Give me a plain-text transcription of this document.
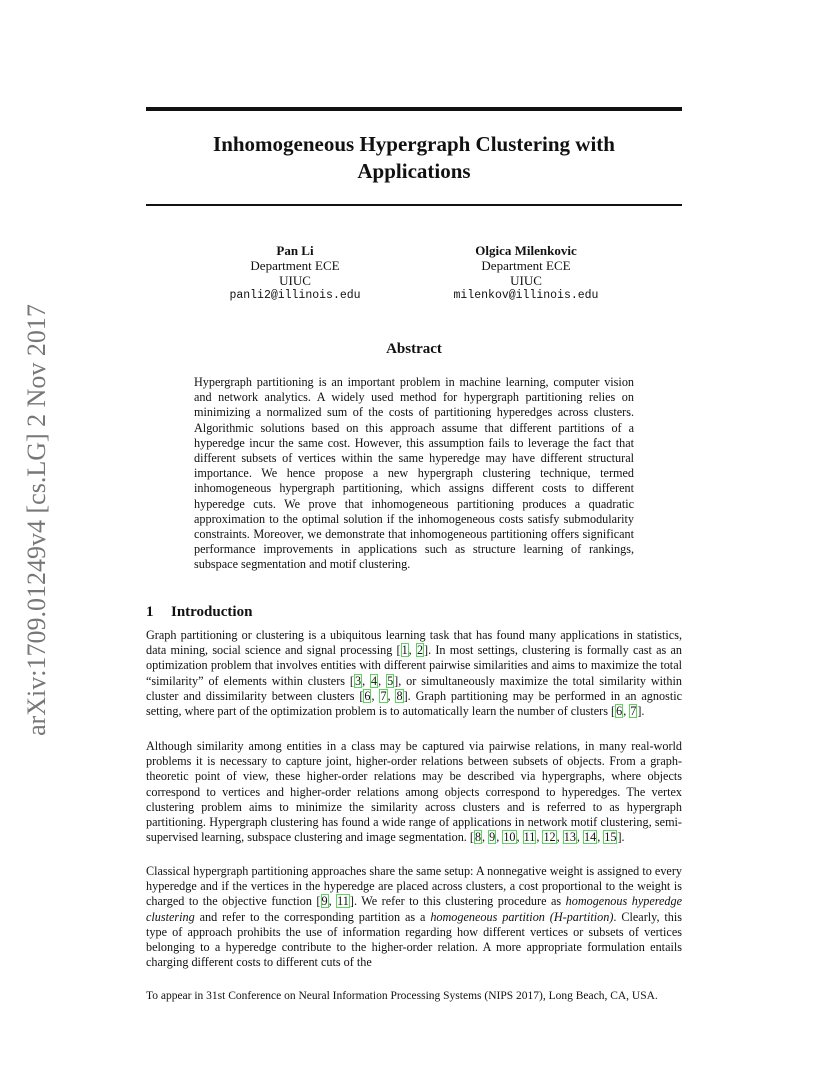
arXiv:1709.01249v4 [cs.LG] 2 Nov 2017
Inhomogeneous Hypergraph Clustering with
Applications
Pan Li
Department ECE
UIUC
panli2@illinois.edu
Olgica Milenkovic
Department ECE
UIUC
milenkov@illinois.edu
Abstract
Hypergraph partitioning is an important problem in machine learning, computer vision and network analytics. A widely used method for hypergraph partitioning relies on minimizing a normalized sum of the costs of partitioning hyperedges across clusters. Algorithmic solutions based on this approach assume that different partitions of a hyperedge incur the same cost. However, this assumption fails to leverage the fact that different subsets of vertices within the same hyperedge may have different structural importance. We hence propose a new hypergraph clustering technique, termed inhomogeneous hypergraph partitioning, which assigns different costs to different hyperedge cuts. We prove that inhomogeneous partitioning produces a quadratic approximation to the optimal solution if the inhomogeneous costs satisfy submodularity constraints. Moreover, we demonstrate that inhomogeneous partitioning offers significant performance improvements in applications such as structure learning of rankings, subspace segmentation and motif clustering.
1 Introduction
Graph partitioning or clustering is a ubiquitous learning task that has found many applications in statistics, data mining, social science and signal processing [1, 2]. In most settings, clustering is formally cast as an optimization problem that involves entities with different pairwise similarities and aims to maximize the total “similarity” of elements within clusters [3, 4, 5], or simultaneously maximize the total similarity within cluster and dissimilarity between clusters [6, 7, 8]. Graph partitioning may be performed in an agnostic setting, where part of the optimization problem is to automatically learn the number of clusters [6, 7].
Although similarity among entities in a class may be captured via pairwise relations, in many real-world problems it is necessary to capture joint, higher-order relations between subsets of objects. From a graph-theoretic point of view, these higher-order relations may be described via hypergraphs, where objects correspond to vertices and higher-order relations among objects correspond to hyperedges. The vertex clustering problem aims to minimize the similarity across clusters and is referred to as hypergraph partitioning. Hypergraph clustering has found a wide range of applications in network motif clustering, semi-supervised learning, subspace clustering and image segmentation. [8, 9, 10, 11, 12, 13, 14, 15].
Classical hypergraph partitioning approaches share the same setup: A nonnegative weight is assigned to every hyperedge and if the vertices in the hyperedge are placed across clusters, a cost proportional to the weight is charged to the objective function [9, 11]. We refer to this clustering procedure as homogenous hyperedge clustering and refer to the corresponding partition as a homogeneous partition (H-partition). Clearly, this type of approach prohibits the use of information regarding how different vertices or subsets of vertices belonging to a hyperedge contribute to the higher-order relation. A more appropriate formulation entails charging different costs to different cuts of the
To appear in 31st Conference on Neural Information Processing Systems (NIPS 2017), Long Beach, CA, USA.
